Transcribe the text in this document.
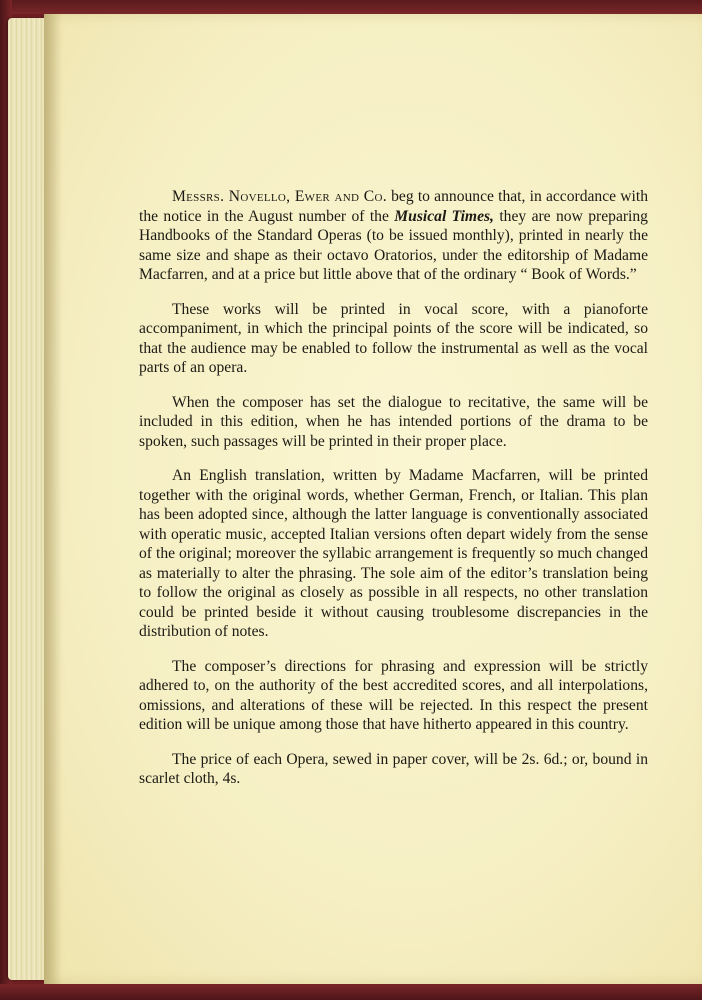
Messrs. Novello, Ewer and Co. beg to announce that, in accordance with the notice in the August number of the Musical Times, they are now preparing Handbooks of the Standard Operas (to be issued monthly), printed in nearly the same size and shape as their octavo Oratorios, under the editorship of Madame Macfarren, and at a price but little above that of the ordinary “ Book of Words.”

These works will be printed in vocal score, with a pianoforte accompaniment, in which the principal points of the score will be indicated, so that the audience may be enabled to follow the instrumental as well as the vocal parts of an opera.

When the composer has set the dialogue to recitative, the same will be included in this edition, when he has intended portions of the drama to be spoken, such passages will be printed in their proper place.

An English translation, written by Madame Macfarren, will be printed together with the original words, whether German, French, or Italian. This plan has been adopted since, although the latter language is conventionally associated with operatic music, accepted Italian versions often depart widely from the sense of the original; moreover the syllabic arrangement is frequently so much changed as materially to alter the phrasing. The sole aim of the editor’s translation being to follow the original as closely as possible in all respects, no other translation could be printed beside it without causing troublesome discrepancies in the distribution of notes.

The composer’s directions for phrasing and expression will be strictly adhered to, on the authority of the best accredited scores, and all interpolations, omissions, and alterations of these will be rejected. In this respect the present edition will be unique among those that have hitherto appeared in this country.

The price of each Opera, sewed in paper cover, will be 2s. 6d.; or, bound in scarlet cloth, 4s.
